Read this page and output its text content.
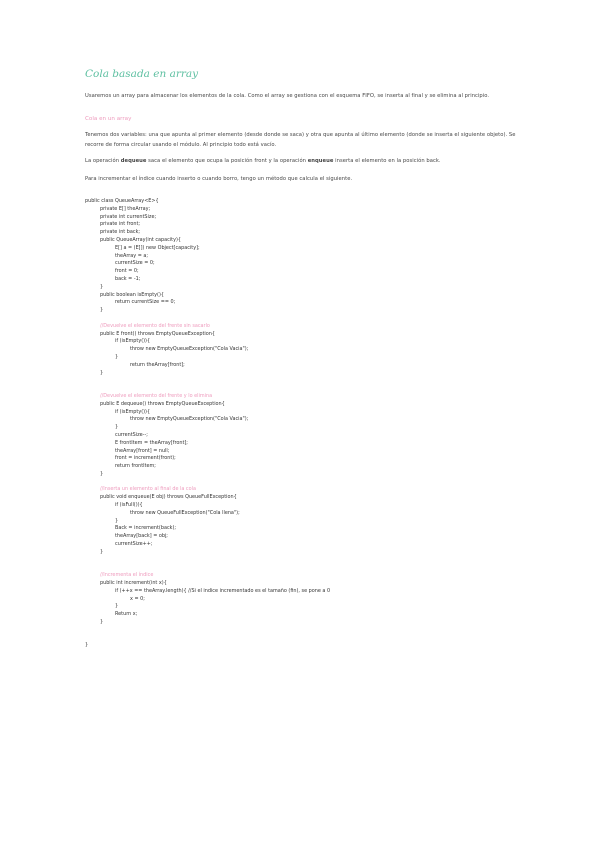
Cola basada en array
Usaremos un array para almacenar los elementos de la cola. Como el array se gestiona con el esquema FIFO, se inserta al final y se elimina al principio.
Cola en un array
Tenemos dos variables: una que apunta al primer elemento (desde donde se saca) y otra que apunta al último elemento (donde se inserta el siguiente objeto). Se recorre de forma circular usando el módulo. Al principio todo está vacío.
La operación dequeue saca el elemento que ocupa la posición front y la operación enqueue inserta el elemento en la posición back.
Para incrementar el índice cuando inserto o cuando borro, tengo un método que calcula el siguiente.
public class QueueArray<E>{
private E[] theArray;
private int currentSize;
private int front;
private int back;
public QueueArray(int capacity){
E[] a = (E[]) new Object[capacity];
theArray = a;
currentSize = 0;
front = 0;
back = -1;
}
public boolean isEmpty(){
return currentSize == 0;
}
//Devuelve el elemento del frente sin sacarlo
public E front() throws EmptyQueueException{
if (isEmpty()){
throw new EmptyQueueException("Cola Vacia");
}
return theArray[front];
}
//Devuelve el elemento del frente y lo elimina
public E dequeue() throws EmptyQueueException{
if (isEmpty()){
throw new EmptyQueueException("Cola Vacia");
}
currentSize--;
E frontItem = theArray[front];
theArray[front] = null;
front = increment(front);
return frontItem;
}
//Inserta un elemento al final de la cola
public void enqueue(E obj) throws QueueFullException{
if (isFull()){
throw new QueueFullException("Cola llena");
}
Back = increment(back);
theArray[back] = obj;
currentSize++;
}
//Incrementa el índice
public int increment(int x){
if (++x == theArray.length){ //Si el indice incrementado es el tamaño (fin), se pone a 0
x = 0;
}
Return x;
}
}
